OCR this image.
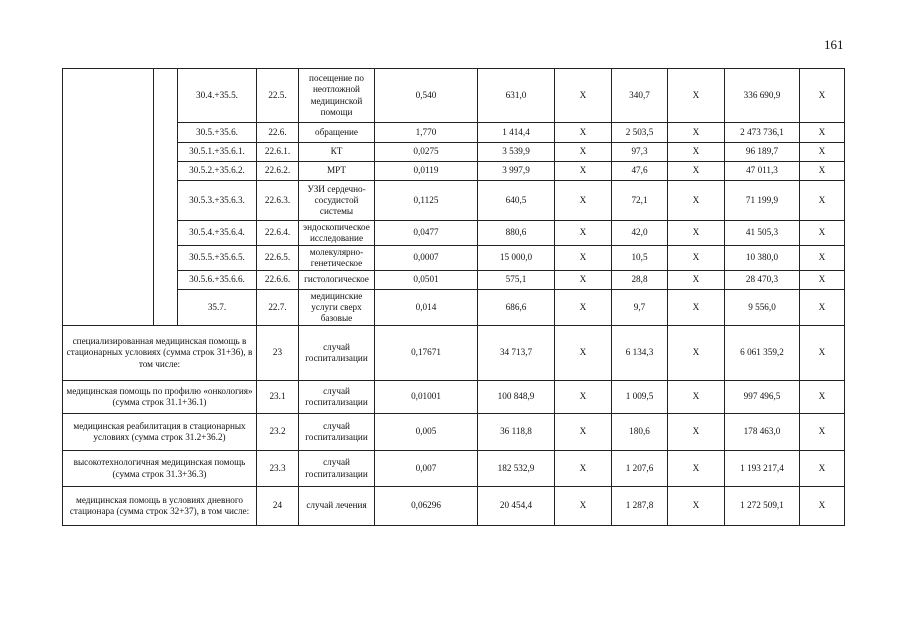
161
		30.4.+35.5.	22.5.	посещение по неотложной медицинской помощи	0,540	631,0	X	340,7	X	336 690,9	X
		30.5.+35.6.	22.6.	обращение	1,770	1 414,4	X	2 503,5	X	2 473 736,1	X
		30.5.1.+35.6.1.	22.6.1.	КТ	0,0275	3 539,9	X	97,3	X	96 189,7	X
		30.5.2.+35.6.2.	22.6.2.	МРТ	0,0119	3 997,9	X	47,6	X	47 011,3	X
		30.5.3.+35.6.3.	22.6.3.	УЗИ сердечно-сосудистой системы	0,1125	640,5	X	72,1	X	71 199,9	X
		30.5.4.+35.6.4.	22.6.4.	эндоскопическое исследование	0,0477	880,6	X	42,0	X	41 505,3	X
		30.5.5.+35.6.5.	22.6.5.	молекулярно-генетическое	0,0007	15 000,0	X	10,5	X	10 380,0	X
		30.5.6.+35.6.6.	22.6.6.	гистологическое	0,0501	575,1	X	28,8	X	28 470,3	X
		35.7.	22.7.	медицинские услуги сверх базовые	0,014	686,6	X	9,7	X	9 556,0	X
специализированная медицинская помощь в стационарных условиях (сумма строк 31+36), в том числе:			23	случай госпитализации	0,17671	34 713,7	X	6 134,3	X	6 061 359,2	X
медицинская помощь по профилю «онкология» (сумма строк 31.1+36.1)			23.1	случай госпитализации	0,01001	100 848,9	X	1 009,5	X	997 496,5	X
медицинская реабилитация в стационарных условиях (сумма строк 31.2+36.2)			23.2	случай госпитализации	0,005	36 118,8	X	180,6	X	178 463,0	X
высокотехнологичная медицинская помощь (сумма строк 31.3+36.3)			23.3	случай госпитализации	0,007	182 532,9	X	1 207,6	X	1 193 217,4	X
медицинская помощь в условиях дневного стационара (сумма строк 32+37), в том числе:			24	случай лечения	0,06296	20 454,4	X	1 287,8	X	1 272 509,1	X
